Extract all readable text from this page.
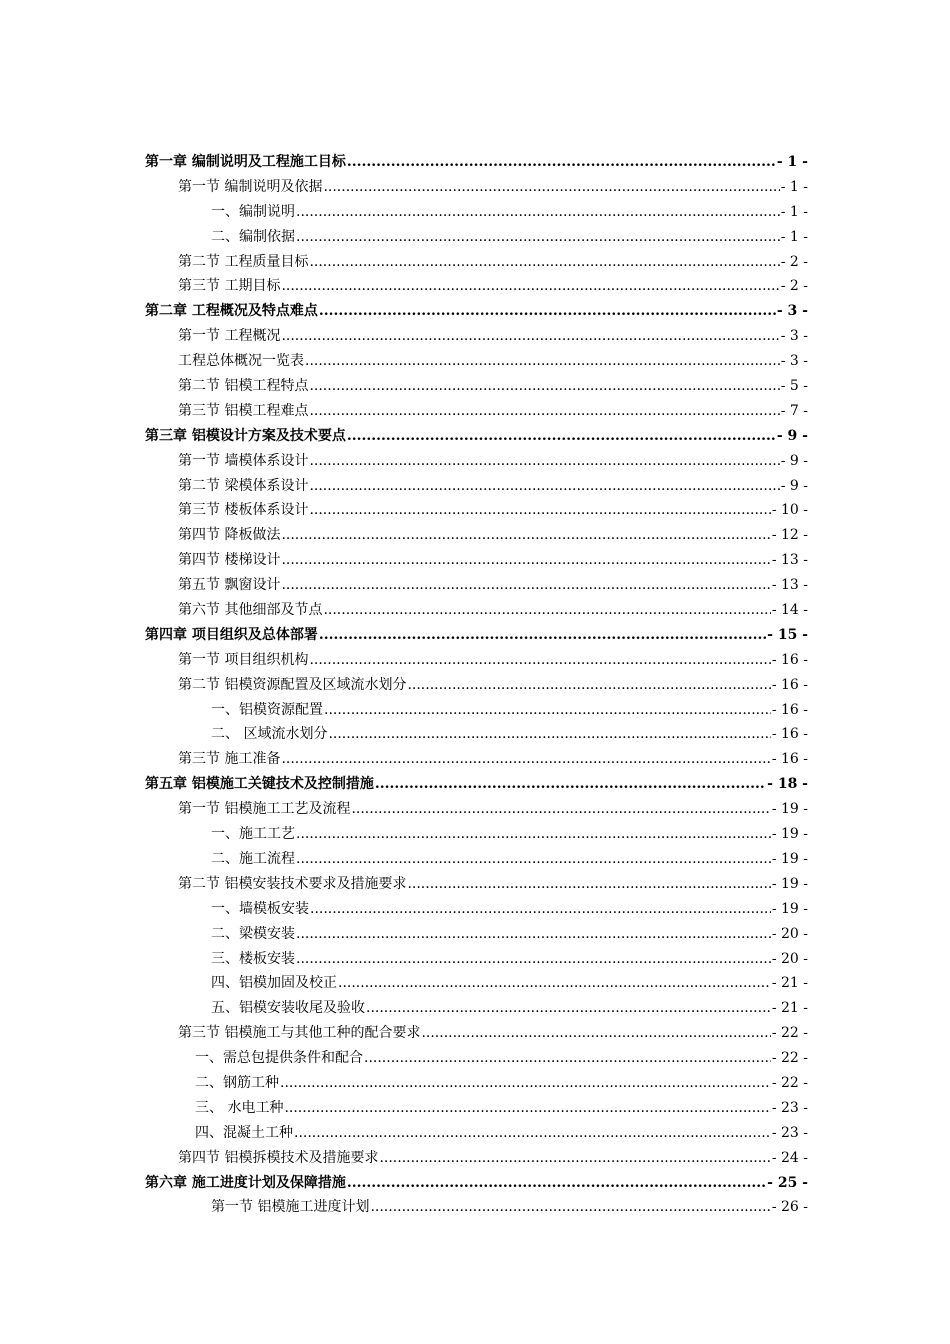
第一章 编制说明及工程施工目标 .....	- 1 -
第一节 编制说明及依据 .....	- 1 -
一、编制说明 .....	- 1 -
二、编制依据 .....	- 1 -
第二节 工程质量目标 .....	- 2 -
第三节 工期目标 .....	- 2 -
第二章 工程概况及特点难点 .....	- 3 -
第一节 工程概况 .....	- 3 -
工程总体概况一览表 .....	- 3 -
第二节 铝模工程特点 .....	- 5 -
第三节 铝模工程难点 .....	- 7 -
第三章 铝模设计方案及技术要点 .....	- 9 -
第一节 墙模体系设计 .....	- 9 -
第二节 梁模体系设计 .....	- 9 -
第三节 楼板体系设计 .....	- 10 -
第四节 降板做法 .....	- 12 -
第四节 楼梯设计 .....	- 13 -
第五节 飘窗设计 .....	- 13 -
第六节 其他细部及节点 .....	- 14 -
第四章 项目组织及总体部署 .....	- 15 -
第一节 项目组织机构 .....	- 16 -
第二节 铝模资源配置及区域流水划分 .....	- 16 -
一、铝模资源配置 .....	- 16 -
二、 区域流水划分 .....	- 16 -
第三节 施工准备 .....	- 16 -
第五章 铝模施工关键技术及控制措施 .....	- 18 -
第一节 铝模施工工艺及流程 .....	- 19 -
一、施工工艺 .....	- 19 -
二、施工流程 .....	- 19 -
第二节 铝模安装技术要求及措施要求 .....	- 19 -
一、墙模板安装 .....	- 19 -
二、梁模安装 .....	- 20 -
三、楼板安装 .....	- 20 -
四、铝模加固及校正 .....	- 21 -
五、铝模安装收尾及验收 .....	- 21 -
第三节 铝模施工与其他工种的配合要求 .....	- 22 -
一、需总包提供条件和配合 .....	- 22 -
二、钢筋工种 .....	- 22 -
三、 水电工种 .....	- 23 -
四、混凝土工种 .....	- 23 -
第四节 铝模拆模技术及措施要求 .....	- 24 -
第六章 施工进度计划及保障措施 .....	- 25 -
第一节 铝模施工进度计划 .....	- 26 -
